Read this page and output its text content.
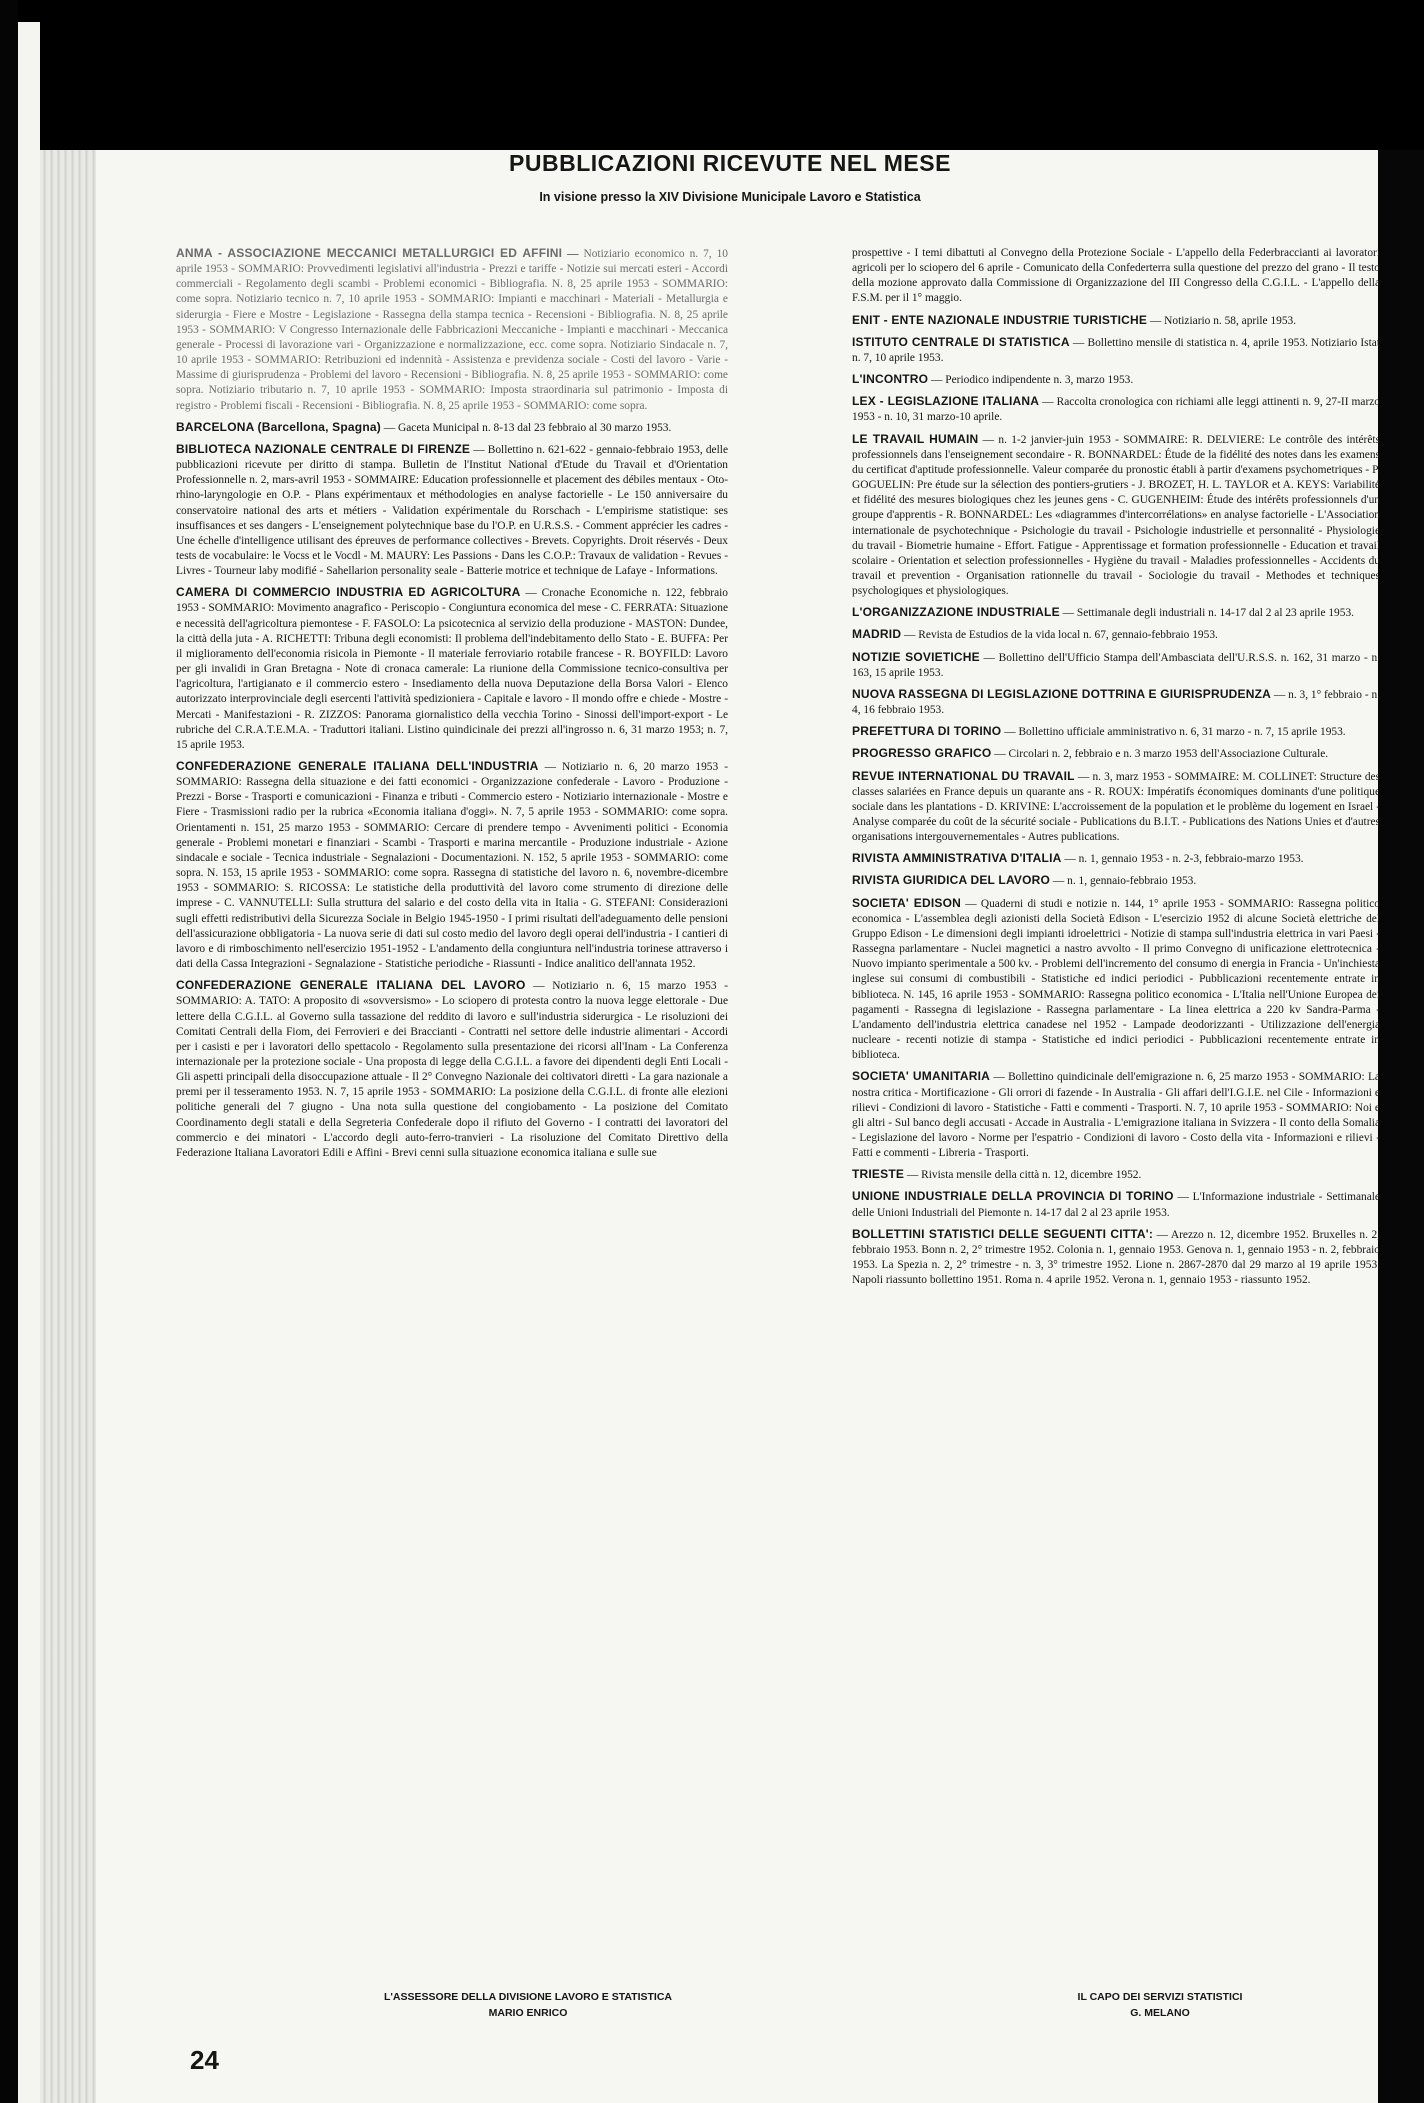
PUBBLICAZIONI RICEVUTE NEL MESE
In visione presso la XIV Divisione Municipale Lavoro e Statistica
ANMA - ASSOCIAZIONE MECCANICI METALLURGICI ED AFFINI — Notiziario economico n. 7, 10 aprile 1953 - SOMMARIO: Provvedimenti legislativi all'industria - Prezzi e tariffe - Notizie sui mercati esteri - Accordi commerciali - Regolamento degli scambi - Problemi economici - Bibliografia. N. 8, 25 aprile 1953 - SOMMARIO: come sopra. Notiziario tecnico n. 7, 10 aprile 1953 - SOMMARIO: Impianti e macchinari - Materiali - Metallurgia e siderurgia - Fiere e Mostre - Legislazione - Rassegna della stampa tecnica - Recensioni - Bibliografia. N. 8, 25 aprile 1953 - SOMMARIO: V Congresso Internazionale delle Fabbricazioni Meccaniche - Impianti e macchinari - Meccanica generale - Processi di lavorazione vari - Organizzazione e normalizzazione, ecc. come sopra. Notiziario Sindacale n. 7, 10 aprile 1953 - SOMMARIO: Retribuzioni ed indennità - Assistenza e previdenza sociale - Costi del lavoro - Varie - Massime di giurisprudenza - Problemi del lavoro - Recensioni - Bibliografia. N. 8, 25 aprile 1953 - SOMMARIO: come sopra. Notiziario tributario n. 7, 10 aprile 1953 - SOMMARIO: Imposta straordinaria sul patrimonio - Imposta di registro - Problemi fiscali - Recensioni - Bibliografia. N. 8, 25 aprile 1953 - SOMMARIO: come sopra.
BARCELONA (Barcellona, Spagna) — Gaceta Municipal n. 8-13 dal 23 febbraio al 30 marzo 1953.
BIBLIOTECA NAZIONALE CENTRALE DI FIRENZE — Bollettino n. 621-622 - gennaio-febbraio 1953, delle pubblicazioni ricevute per diritto di stampa. Bulletin de l'Institut National d'Etude du Travail et d'Orientation Professionnelle n. 2, mars-avril 1953 - SOMMAIRE: Education professionnelle et placement des débiles mentaux - Oto-rhino-laryngologie en O.P. - Plans expérimentaux et méthodologies en analyse factorielle - Le 150 anniversaire du conservatoire national des arts et métiers - Validation expérimentale du Rorschach - L'empirisme statistique: ses insuffisances et ses dangers - L'enseignement polytechnique base du l'O.P. en U.R.S.S. - Comment apprécier les cadres - Une échelle d'intelligence utilisant des épreuves de performance collectives - Brevets. Copyrights. Droit réservés - Deux tests de vocabulaire: le Vocss et le Vocdl - M. MAURY: Les Passions - Dans les C.O.P.: Travaux de validation - Revues - Livres - Tourneur laby modifié - Sahellarion personality seale - Batterie motrice et technique de Lafaye - Informations.
CAMERA DI COMMERCIO INDUSTRIA ED AGRICOLTURA — Cronache Economiche n. 122, febbraio 1953 - SOMMARIO: Movimento anagrafico - Periscopio - Congiuntura economica del mese - C. FERRATA: Situazione e necessità dell'agricoltura piemontese - F. FASOLO: La psicotecnica al servizio della produzione - MASTON: Dundee, la città della juta - A. RICHETTI: Tribuna degli economisti: Il problema dell'indebitamento dello Stato - E. BUFFA: Per il miglioramento dell'economia risicola in Piemonte - Il materiale ferroviario rotabile francese - R. BOYFILD: Lavoro per gli invalidi in Gran Bretagna - Note di cronaca camerale: La riunione della Commissione tecnico-consultiva per l'agricoltura, l'artigianato e il commercio estero - Insediamento della nuova Deputazione della Borsa Valori - Elenco autorizzato interprovinciale degli esercenti l'attività spedizioniera - Capitale e lavoro - Il mondo offre e chiede - Mostre - Mercati - Manifestazioni - R. ZIZZOS: Panorama giornalistico della vecchia Torino - Sinossi dell'import-export - Le rubriche del C.R.A.T.E.M.A. - Traduttori italiani. Listino quindicinale dei prezzi all'ingrosso n. 6, 31 marzo 1953; n. 7, 15 aprile 1953.
CONFEDERAZIONE GENERALE ITALIANA DELL'INDUSTRIA — Notiziario n. 6, 20 marzo 1953 - SOMMARIO: Rassegna della situazione e dei fatti economici - Organizzazione confederale - Lavoro - Produzione - Prezzi - Borse - Trasporti e comunicazioni - Finanza e tributi - Commercio estero - Notiziario internazionale - Mostre e Fiere - Trasmissioni radio per la rubrica «Economia italiana d'oggi». N. 7, 5 aprile 1953 - SOMMARIO: come sopra. Orientamenti n. 151, 25 marzo 1953 - SOMMARIO: Cercare di prendere tempo - Avvenimenti politici - Economia generale - Problemi monetari e finanziari - Scambi - Trasporti e marina mercantile - Produzione industriale - Azione sindacale e sociale - Tecnica industriale - Segnalazioni - Documentazioni. N. 152, 5 aprile 1953 - SOMMARIO: come sopra. N. 153, 15 aprile 1953 - SOMMARIO: come sopra. Rassegna di statistiche del lavoro n. 6, novembre-dicembre 1953 - SOMMARIO: S. RICOSSA: Le statistiche della produttività del lavoro come strumento di direzione delle imprese - C. VANNUTELLI: Sulla struttura del salario e del costo della vita in Italia - G. STEFANI: Considerazioni sugli effetti redistributivi della Sicurezza Sociale in Belgio 1945-1950 - I primi risultati dell'adeguamento delle pensioni dell'assicurazione obbligatoria - La nuova serie di dati sul costo medio del lavoro degli operai dell'industria - I cantieri di lavoro e di rimboschimento nell'esercizio 1951-1952 - L'andamento della congiuntura nell'industria torinese attraverso i dati della Cassa Integrazioni - Segnalazione - Statistiche periodiche - Riassunti - Indice analitico dell'annata 1952.
CONFEDERAZIONE GENERALE ITALIANA DEL LAVORO — Notiziario n. 6, 15 marzo 1953 - SOMMARIO: A. TATO: A proposito di «sovversismo» - Lo sciopero di protesta contro la nuova legge elettorale - Due lettere della C.G.I.L. al Governo sulla tassazione del reddito di lavoro e sull'industria siderurgica - Le risoluzioni dei Comitati Centrali della Fiom, dei Ferrovieri e dei Braccianti - Contratti nel settore delle industrie alimentari - Accordi per i casisti e per i lavoratori dello spettacolo - Regolamento sulla presentazione dei ricorsi all'Inam - La Conferenza internazionale per la protezione sociale - Una proposta di legge della C.G.I.L. a favore dei dipendenti degli Enti Locali - Gli aspetti principali della disoccupazione attuale - Il 2° Convegno Nazionale dei coltivatori diretti - La gara nazionale a premi per il tesseramento 1953. N. 7, 15 aprile 1953 - SOMMARIO: La posizione della C.G.I.L. di fronte alle elezioni politiche generali del 7 giugno - Una nota sulla questione del congiobamento - La posizione del Comitato Coordinamento degli statali e della Segreteria Confederale dopo il rifiuto del Governo - I contratti dei lavoratori del commercio e dei minatori - L'accordo degli auto-ferro-tranvieri - La risoluzione del Comitato Direttivo della Federazione Italiana Lavoratori Edili e Affini - Brevi cenni sulla situazione economica italiana e sulle sue
prospettive - I temi dibattuti al Convegno della Protezione Sociale - L'appello della Federbraccianti ai lavoratori agricoli per lo sciopero del 6 aprile - Comunicato della Confederterra sulla questione del prezzo del grano - Il testo della mozione approvato dalla Commissione di Organizzazione del III Congresso della C.G.I.L. - L'appello della F.S.M. per il 1° maggio.
ENIT - ENTE NAZIONALE INDUSTRIE TURISTICHE — Notiziario n. 58, aprile 1953.
ISTITUTO CENTRALE DI STATISTICA — Bollettino mensile di statistica n. 4, aprile 1953. Notiziario Istat n. 7, 10 aprile 1953.
L'INCONTRO — Periodico indipendente n. 3, marzo 1953.
LEX - LEGISLAZIONE ITALIANA — Raccolta cronologica con richiami alle leggi attinenti n. 9, 27-II marzo 1953 - n. 10, 31 marzo-10 aprile.
LE TRAVAIL HUMAIN — n. 1-2 janvier-juin 1953 - SOMMAIRE: R. DELVIERE: Le contrôle des intérêts professionnels dans l'enseignement secondaire - R. BONNARDEL: Étude de la fidélité des notes dans les examens du certificat d'aptitude professionnelle. Valeur comparée du pronostic établi à partir d'examens psychometriques - P. GOGUELIN: Pre étude sur la sélection des pontiers-grutiers - J. BROZET, H. L. TAYLOR et A. KEYS: Variabilité et fidélité des mesures biologiques chez les jeunes gens - C. GUGENHEIM: Étude des intérêts professionnels d'un groupe d'apprentis - R. BONNARDEL: Les «diagrammes d'intercorrélations» en analyse factorielle - L'Association internationale de psychotechnique - Psichologie du travail - Psichologie industrielle et personnalité - Physiologie du travail - Biometrie humaine - Effort. Fatigue - Apprentissage et formation professionnelle - Education et travail scolaire - Orientation et selection professionnelles - Hygiène du travail - Maladies professionnelles - Accidents du travail et prevention - Organisation rationnelle du travail - Sociologie du travail - Methodes et techniques psychologiques et physiologiques.
L'ORGANIZZAZIONE INDUSTRIALE — Settimanale degli industriali n. 14-17 dal 2 al 23 aprile 1953.
MADRID — Revista de Estudios de la vida local n. 67, gennaio-febbraio 1953.
NOTIZIE SOVIETICHE — Bollettino dell'Ufficio Stampa dell'Ambasciata dell'U.R.S.S. n. 162, 31 marzo - n. 163, 15 aprile 1953.
NUOVA RASSEGNA DI LEGISLAZIONE DOTTRINA E GIURISPRUDENZA — n. 3, 1° febbraio - n. 4, 16 febbraio 1953.
PREFETTURA DI TORINO — Bollettino ufficiale amministrativo n. 6, 31 marzo - n. 7, 15 aprile 1953.
PROGRESSO GRAFICO — Circolari n. 2, febbraio e n. 3 marzo 1953 dell'Associazione Culturale.
REVUE INTERNATIONAL DU TRAVAIL — n. 3, marz 1953 - SOMMAIRE: M. COLLINET: Structure des classes salariées en France depuis un quarante ans - R. ROUX: Impératifs économiques dominants d'une politique sociale dans les plantations - D. KRIVINE: L'accroissement de la population et le problème du logement en Israel - Analyse comparée du coût de la sécurité sociale - Publications du B.I.T. - Publications des Nations Unies et d'autres organisations intergouvernementales - Autres publications.
RIVISTA AMMINISTRATIVA D'ITALIA — n. 1, gennaio 1953 - n. 2-3, febbraio-marzo 1953.
RIVISTA GIURIDICA DEL LAVORO — n. 1, gennaio-febbraio 1953.
SOCIETA' EDISON — Quaderni di studi e notizie n. 144, 1° aprile 1953 - SOMMARIO: Rassegna politico economica - L'assemblea degli azionisti della Società Edison - L'esercizio 1952 di alcune Società elettriche del Gruppo Edison - Le dimensioni degli impianti idroelettrici - Notizie di stampa sull'industria elettrica in vari Paesi - Rassegna parlamentare - Nuclei magnetici a nastro avvolto - Il primo Convegno di unificazione elettrotecnica - Nuovo impianto sperimentale a 500 kv. - Problemi dell'incremento del consumo di energia in Francia - Un'inchiesta inglese sui consumi di combustibili - Statistiche ed indici periodici - Pubblicazioni recentemente entrate in biblioteca. N. 145, 16 aprile 1953 - SOMMARIO: Rassegna politico economica - L'Italia nell'Unione Europea dei pagamenti - Rassegna di legislazione - Rassegna parlamentare - La linea elettrica a 220 kv Sandra-Parma - L'andamento dell'industria elettrica canadese nel 1952 - Lampade deodorizzanti - Utilizzazione dell'energia nucleare - recenti notizie di stampa - Statistiche ed indici periodici - Pubblicazioni recentemente entrate in biblioteca.
SOCIETA' UMANITARIA — Bollettino quindicinale dell'emigrazione n. 6, 25 marzo 1953 - SOMMARIO: La nostra critica - Mortificazione - Gli orrori di fazende - In Australia - Gli affari dell'I.G.I.E. nel Cile - Informazioni e rilievi - Condizioni di lavoro - Statistiche - Fatti e commenti - Trasporti. N. 7, 10 aprile 1953 - SOMMARIO: Noi e gli altri - Sul banco degli accusati - Accade in Australia - L'emigrazione italiana in Svizzera - Il conto della Somalia - Legislazione del lavoro - Norme per l'espatrio - Condizioni di lavoro - Costo della vita - Informazioni e rilievi - Fatti e commenti - Libreria - Trasporti.
TRIESTE — Rivista mensile della città n. 12, dicembre 1952.
UNIONE INDUSTRIALE DELLA PROVINCIA DI TORINO — L'Informazione industriale - Settimanale delle Unioni Industriali del Piemonte n. 14-17 dal 2 al 23 aprile 1953.
BOLLETTINI STATISTICI DELLE SEGUENTI CITTA': — Arezzo n. 12, dicembre 1952. Bruxelles n. 2, febbraio 1953. Bonn n. 2, 2° trimestre 1952. Colonia n. 1, gennaio 1953. Genova n. 1, gennaio 1953 - n. 2, febbraio 1953. La Spezia n. 2, 2° trimestre - n. 3, 3° trimestre 1952. Lione n. 2867-2870 dal 29 marzo al 19 aprile 1953. Napoli riassunto bollettino 1951. Roma n. 4 aprile 1952. Verona n. 1, gennaio 1953 - riassunto 1952.
L'ASSESSORE DELLA DIVISIONE LAVORO E STATISTICA
MARIO ENRICO
IL CAPO DEI SERVIZI STATISTICI
G. MELANO
24
